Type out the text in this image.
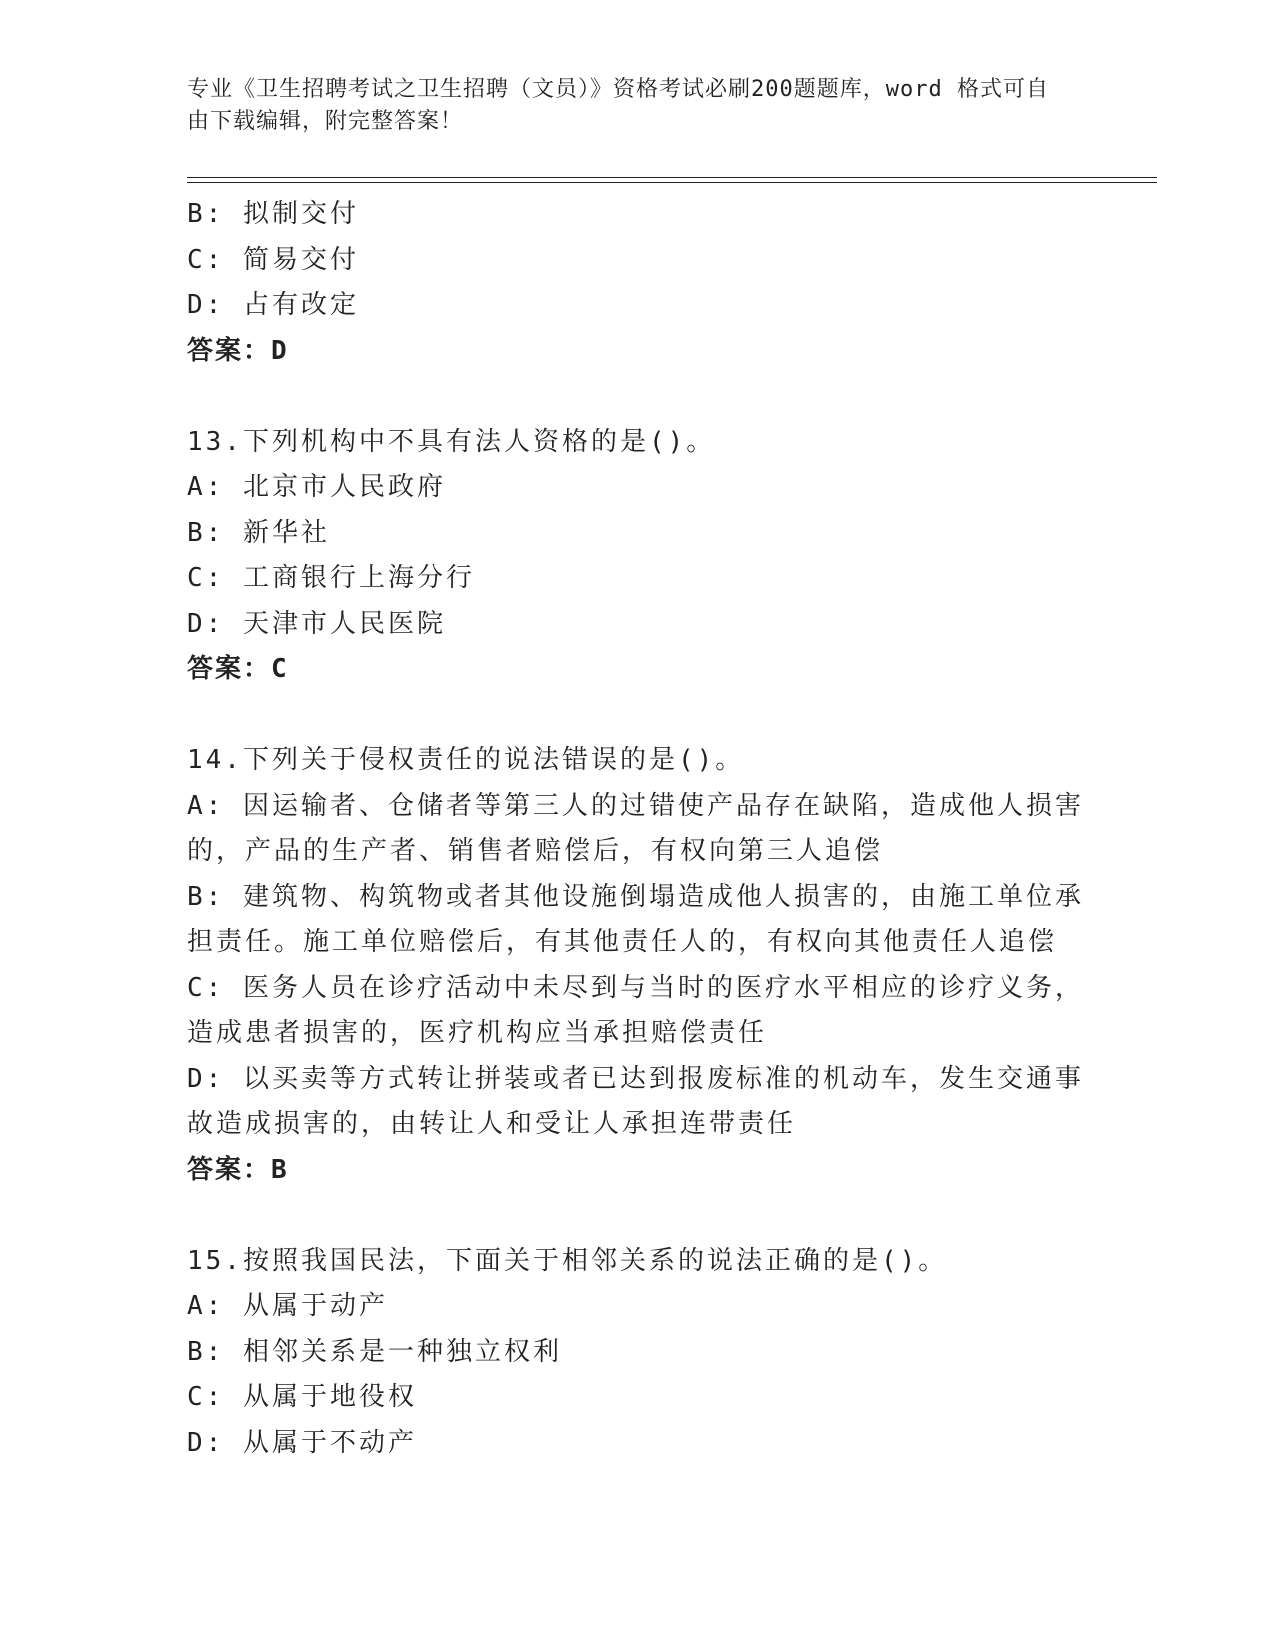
专业《卫生招聘考试之卫生招聘（文员）》资格考试必刷200题题库，word 格式可自由下载编辑，附完整答案！
B: 拟制交付
C: 简易交付
D: 占有改定
答案：D
13.下列机构中不具有法人资格的是()。
A: 北京市人民政府
B: 新华社
C: 工商银行上海分行
D: 天津市人民医院
答案：C
14.下列关于侵权责任的说法错误的是()。
A: 因运输者、仓储者等第三人的过错使产品存在缺陷，造成他人损害的，产品的生产者、销售者赔偿后，有权向第三人追偿
B: 建筑物、构筑物或者其他设施倒塌造成他人损害的，由施工单位承担责任。施工单位赔偿后，有其他责任人的，有权向其他责任人追偿
C: 医务人员在诊疗活动中未尽到与当时的医疗水平相应的诊疗义务，造成患者损害的，医疗机构应当承担赔偿责任
D: 以买卖等方式转让拼装或者已达到报废标准的机动车，发生交通事故造成损害的，由转让人和受让人承担连带责任
答案：B
15.按照我国民法，下面关于相邻关系的说法正确的是()。
A: 从属于动产
B: 相邻关系是一种独立权利
C: 从属于地役权
D: 从属于不动产
